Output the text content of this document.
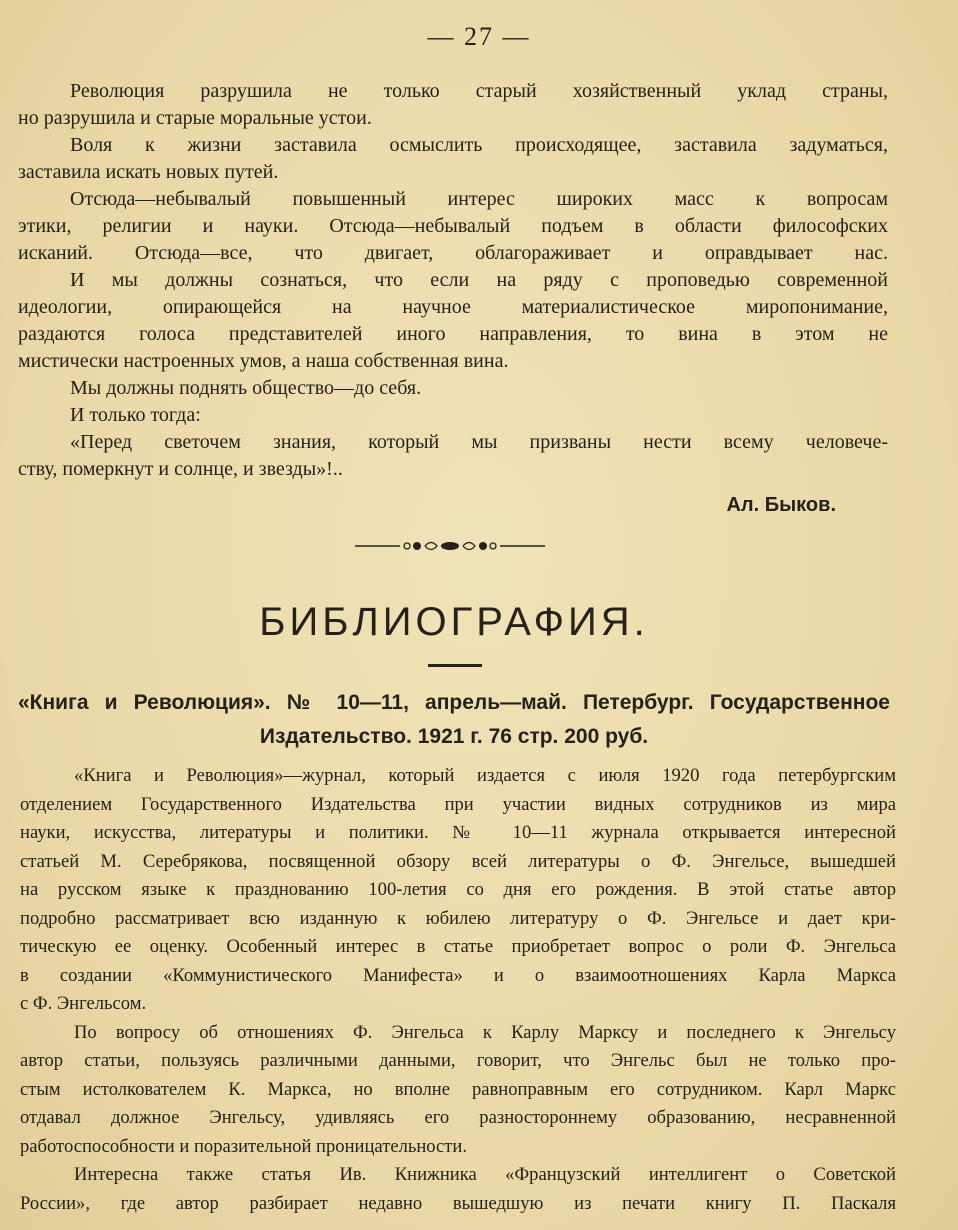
— 27 —
Революция разрушила не только старый хозяйственный уклад страны,
но разрушила и старые моральные устои.
Воля к жизни заставила осмыслить происходящее, заставила задуматься,
заставила искать новых путей.
Отсюда—небывалый повышенный интерес широких масс к вопросам
этики, религии и науки. Отсюда—небывалый подъем в области философских
исканий. Отсюда—все, что двигает, облагораживает и оправдывает нас.
И мы должны сознаться, что если на ряду с проповедью современной
идеологии, опирающейся на научное материалистическое миропонимание,
раздаются голоса представителей иного направления, то вина в этом не
мистически настроенных умов, а наша собственная вина.
Мы должны поднять общество—до себя.
И только тогда:
«Перед светочем знания, который мы призваны нести всему человече-
ству, померкнут и солнце, и звезды»!..
Ал. Быков.
БИБЛИОГРАФИЯ.
«Книга и Революция». № 10—11, апрель—май. Петербург. Государственное
Издательство. 1921 г. 76 стр. 200 руб.
«Книга и Революция»—журнал, который издается с июля 1920 года петербургским
отделением Государственного Издательства при участии видных сотрудников из мира
науки, искусства, литературы и политики. № 10—11 журнала открывается интересной
статьей М. Серебрякова, посвященной обзору всей литературы о Ф. Энгельсе, вышедшей
на русском языке к празднованию 100-летия со дня его рождения. В этой статье автор
подробно рассматривает всю изданную к юбилею литературу о Ф. Энгельсе и дает кри-
тическую ее оценку. Особенный интерес в статье приобретает вопрос о роли Ф. Энгельса
в создании «Коммунистического Манифеста» и о взаимоотношениях Карла Маркса
с Ф. Энгельсом.
По вопросу об отношениях Ф. Энгельса к Карлу Марксу и последнего к Энгельсу
автор статьи, пользуясь различными данными, говорит, что Энгельс был не только про-
стым истолкователем К. Маркса, но вполне равноправным его сотрудником. Карл Маркс
отдавал должное Энгельсу, удивляясь его разностороннему образованию, несравненной
работоспособности и поразительной проницательности.
Интересна также статья Ив. Книжника «Французский интеллигент о Советской
России», где автор разбирает недавно вышедшую из печати книгу П. Паскаля
